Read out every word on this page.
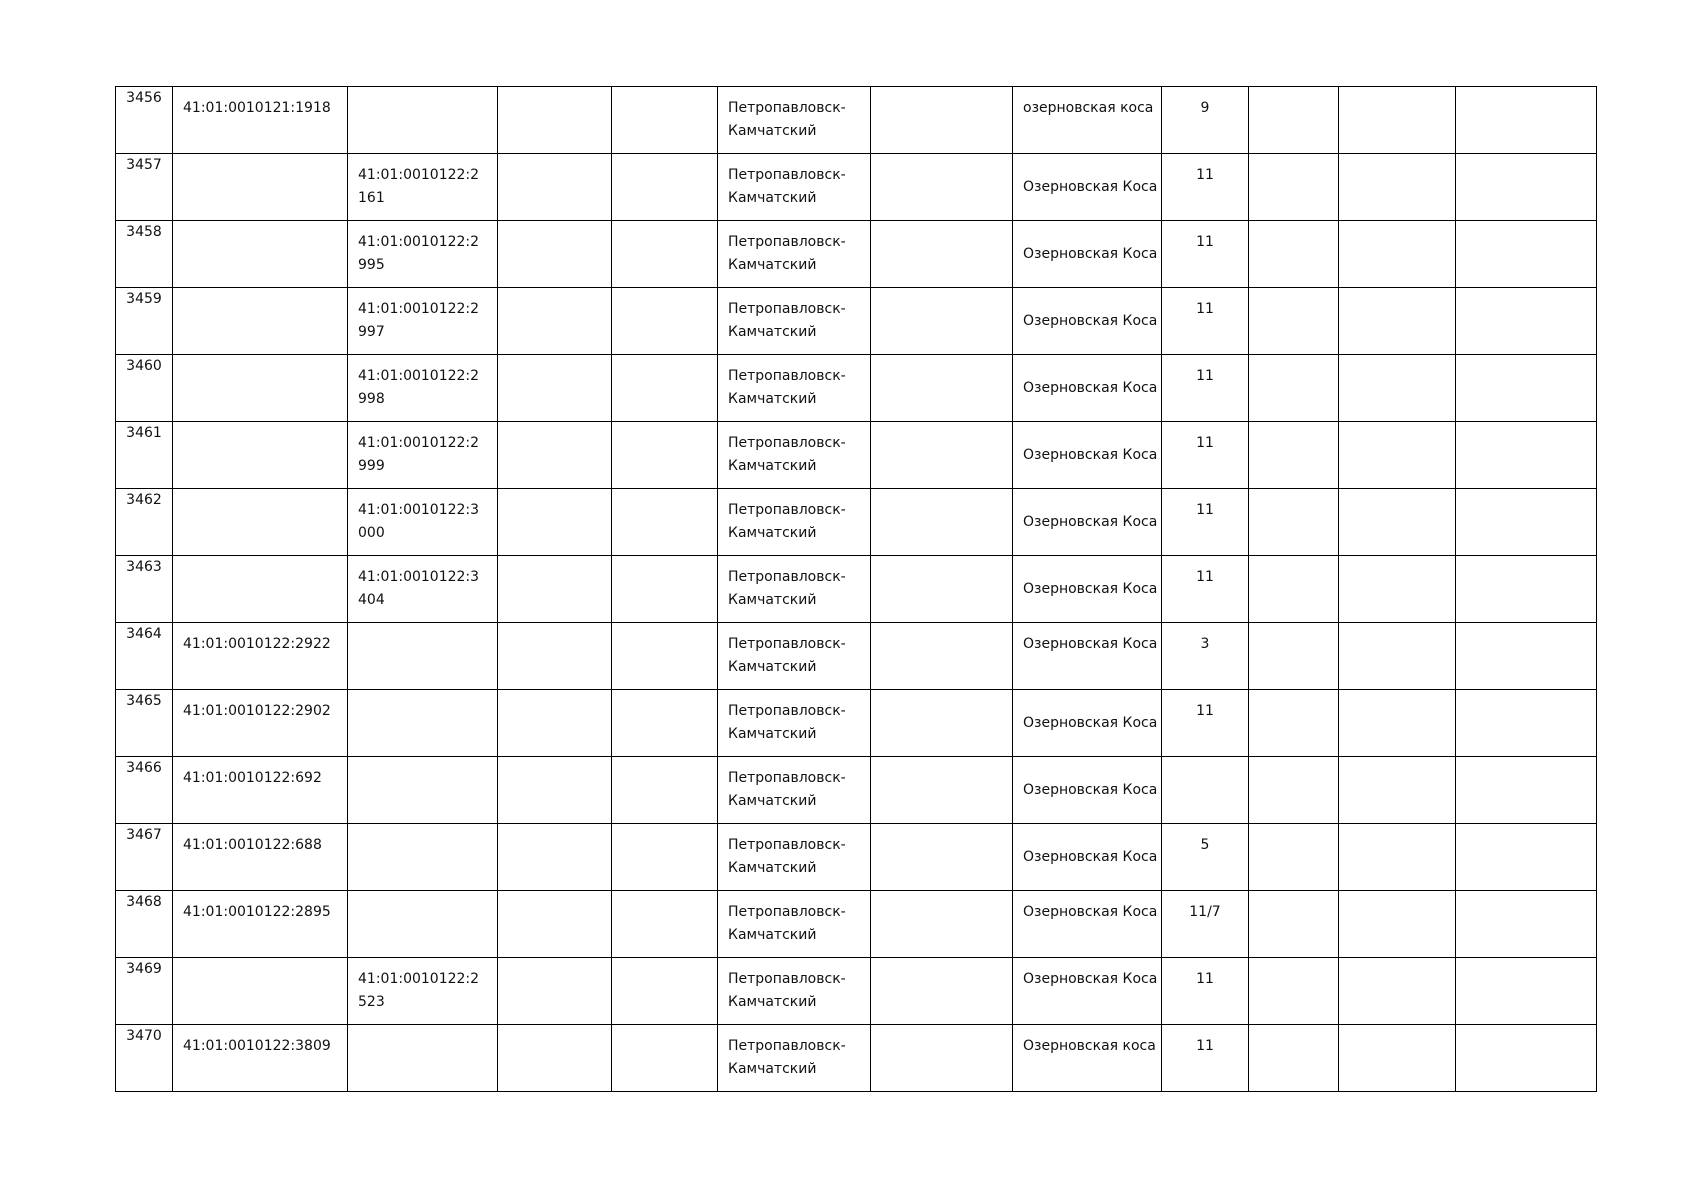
3456	41:01:0010121:1918				Петропавловск-Камчатский		озерновская коса	9			

3457		41:01:0010122:2161			Петропавловск-Камчатский		Озерновская Коса	11			

3458		41:01:0010122:2995			Петропавловск-Камчатский		Озерновская Коса	11			

3459		41:01:0010122:2997			Петропавловск-Камчатский		Озерновская Коса	11			

3460		41:01:0010122:2998			Петропавловск-Камчатский		Озерновская Коса	11			

3461		41:01:0010122:2999			Петропавловск-Камчатский		Озерновская Коса	11			

3462		41:01:0010122:3000			Петропавловск-Камчатский		Озерновская Коса	11			

3463		41:01:0010122:3404			Петропавловск-Камчатский		Озерновская Коса	11			

3464	41:01:0010122:2922				Петропавловск-Камчатский		Озерновская Коса	3			

3465	41:01:0010122:2902				Петропавловск-Камчатский		Озерновская Коса	11			

3466	41:01:0010122:692				Петропавловск-Камчатский		Озерновская Коса				

3467	41:01:0010122:688				Петропавловск-Камчатский		Озерновская Коса	5			

3468	41:01:0010122:2895				Петропавловск-Камчатский		Озерновская Коса	11/7			

3469		41:01:0010122:2523			Петропавловск-Камчатский		Озерновская Коса	11			

3470	41:01:0010122:3809				Петропавловск-Камчатский		Озерновская коса	11			
